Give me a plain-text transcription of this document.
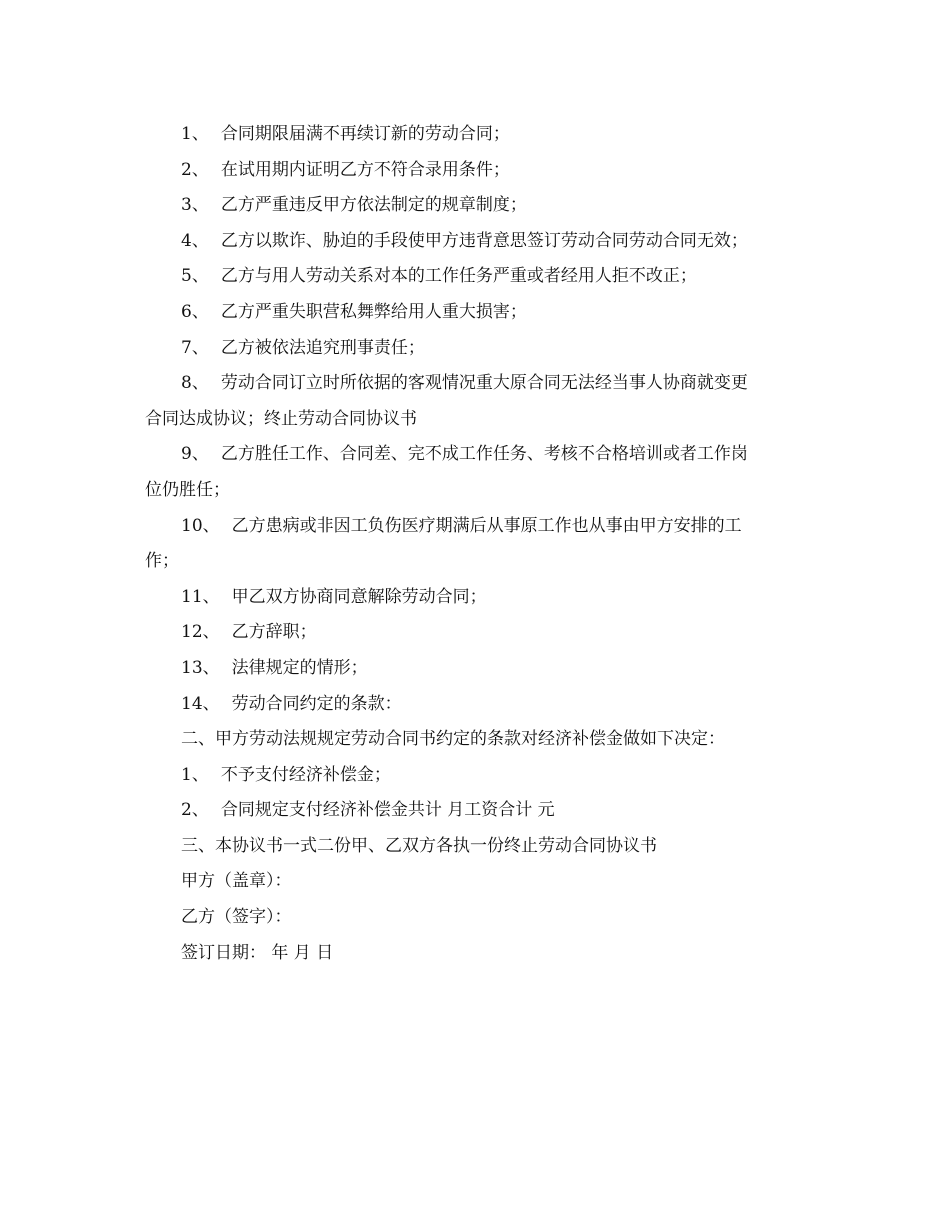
1、 合同期限届满不再续订新的劳动合同；
2、 在试用期内证明乙方不符合录用条件；
3、 乙方严重违反甲方依法制定的规章制度；
4、 乙方以欺诈、胁迫的手段使甲方违背意思签订劳动合同劳动合同无效；
5、 乙方与用人劳动关系对本的工作任务严重或者经用人拒不改正；
6、 乙方严重失职营私舞弊给用人重大损害；
7、 乙方被依法追究刑事责任；
8、 劳动合同订立时所依据的客观情况重大原合同无法经当事人协商就变更
合同达成协议；终止劳动合同协议书
9、 乙方胜任工作、合同差、完不成工作任务、考核不合格培训或者工作岗
位仍胜任；
10、 乙方患病或非因工负伤医疗期满后从事原工作也从事由甲方安排的工
作；
11、 甲乙双方协商同意解除劳动合同；
12、 乙方辞职；
13、 法律规定的情形；
14、 劳动合同约定的条款：
二、甲方劳动法规规定劳动合同书约定的条款对经济补偿金做如下决定：
1、 不予支付经济补偿金；
2、 合同规定支付经济补偿金共计 月工资合计 元
三、本协议书一式二份甲、乙双方各执一份终止劳动合同协议书
甲方（盖章）：
乙方（签字）：
签订日期： 年 月 日
